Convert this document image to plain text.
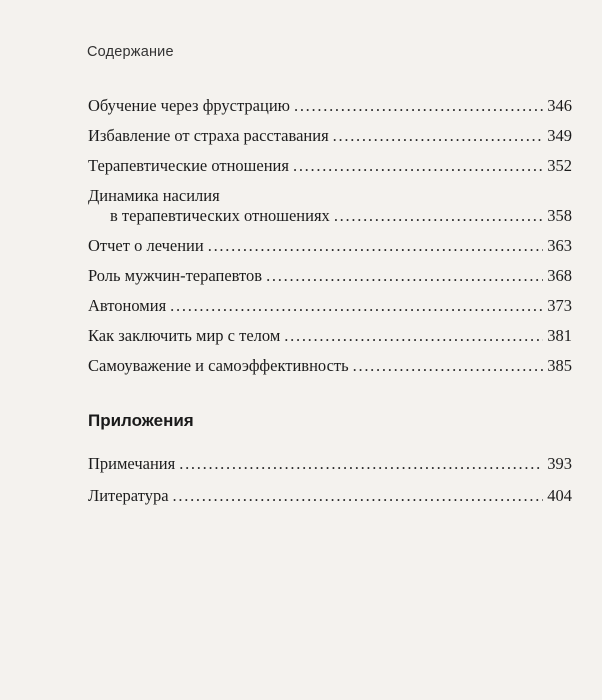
Содержание
Обучение через фрустрацию . . .	346
Избавление от страха расставания . . .	349
Терапевтические отношения . . .	352
Динамика насилия
в терапевтических отношениях . . .	358
Отчет о лечении . . .	363
Роль мужчин-терапевтов . . .	368
Автономия . . .	373
Как заключить мир с телом . . .	381
Самоуважение и самоэффективность . . .	385
Приложения
Примечания . . .	393
Литература . . .	404
